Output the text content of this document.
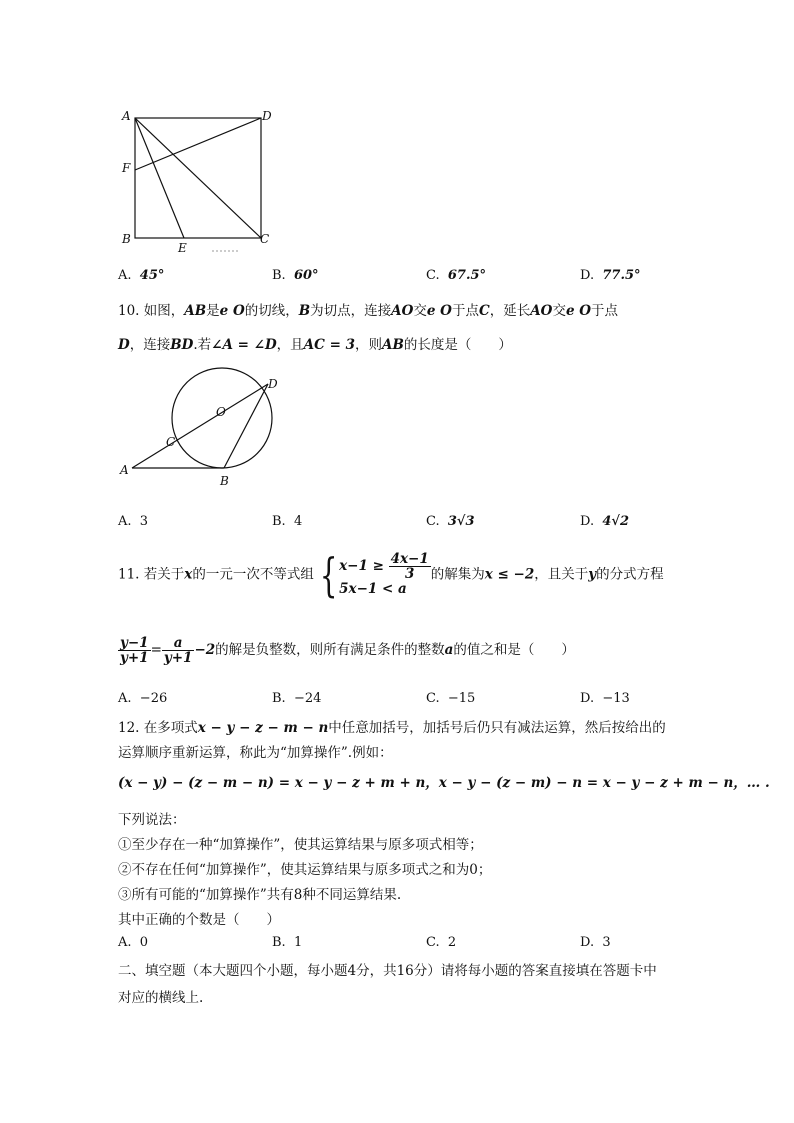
A	D
F
B
E
C
A. 45°	B. 60°	C. 67.5°	D. 77.5°
10. 如图，AB是e O的切线，B为切点，连接AO交e O于点C，延长AO交e O于点
D，连接BD.若∠A = ∠D，且AC = 3，则AB的长度是（　　）
O
C
D
A
B
A. 3	B. 4	C. 3√3	D. 4√2
11. 若关于x的一元一次不等式组 { $x-1 \ge \frac{4x-1}{3}$

5x−1 < a的解集为x ≤ −2，且关于y的分式方程
$\frac{y-1}{y+1} = \frac{a}{y+1} -2$的解是负整数，则所有满足条件的整数a的值之和是（　　）
A. −26	B. −24	C. −15	D. −13
12. 在多项式x − y − z − m − n中任意加括号，加括号后仍只有减法运算，然后按给出的
运算顺序重新运算，称此为“加算操作”.例如：
(x − y) − (z − m − n) = x − y − z + m + n，x − y − (z − m) − n = x − y − z + m − n，… .
下列说法：
①至少存在一种“加算操作”，使其运算结果与原多项式相等；
②不存在任何“加算操作”，使其运算结果与原多项式之和为0；
③所有可能的“加算操作”共有8种不同运算结果.
其中正确的个数是（　　）
A. 0	B. 1	C. 2	D. 3
二、填空题（本大题四个小题，每小题4分，共16分）请将每小题的答案直接填在答题卡中
对应的横线上.
